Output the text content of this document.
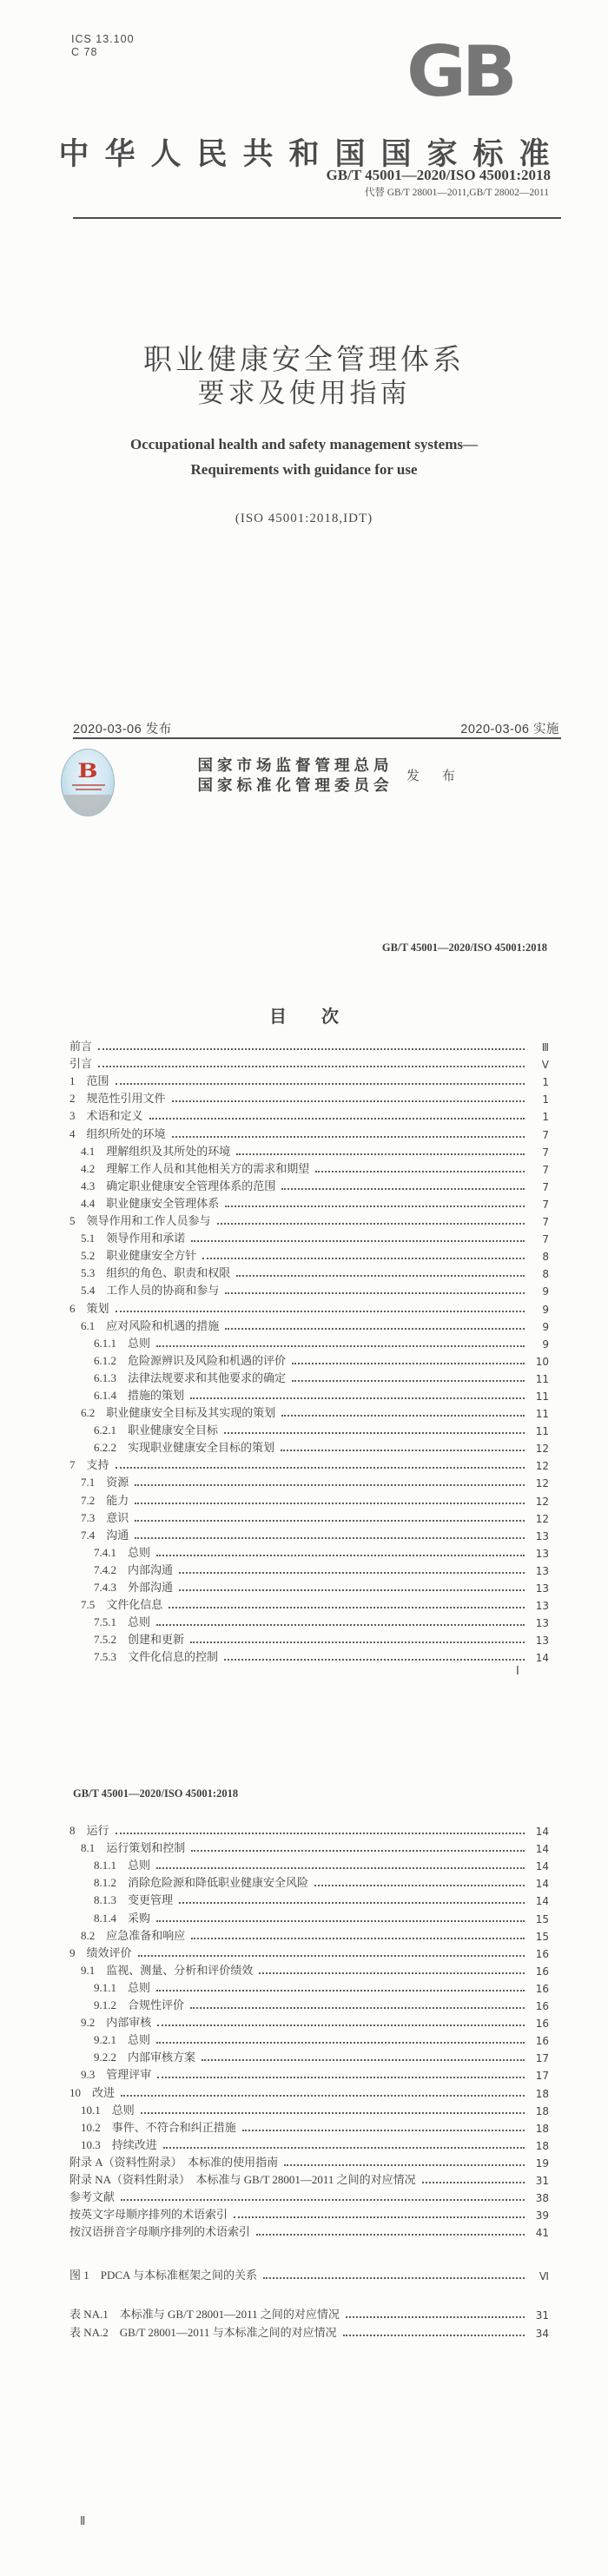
ICS 13.100
C 78	GB
中华人民共和国国家标准
GB/T 45001—2020/ISO 45001:2018
代替 GB/T 28001—2011,GB/T 28002—2011
职业健康安全管理体系
要求及使用指南
Occupational health and safety management systems—
Requirements with guidance for use
(ISO 45001:2018,IDT)
2020-03-06 发布	2020-03-06 实施
B
国家市场监督管理总局
国家标准化管理委员会	发 布
GB/T 45001—2020/ISO 45001:2018
目　　次
前言	Ⅲ
引言	Ⅴ
1　范围	1
2　规范性引用文件	1
3　术语和定义	1
4　组织所处的环境	7
4.1　理解组织及其所处的环境	7
4.2　理解工作人员和其他相关方的需求和期望	7
4.3　确定职业健康安全管理体系的范围	7
4.4　职业健康安全管理体系	7
5　领导作用和工作人员参与	7
5.1　领导作用和承诺	7
5.2　职业健康安全方针	8
5.3　组织的角色、职责和权限	8
5.4　工作人员的协商和参与	9
6　策划	9
6.1　应对风险和机遇的措施	9
6.1.1　总则	9
6.1.2　危险源辨识及风险和机遇的评价	10
6.1.3　法律法规要求和其他要求的确定	11
6.1.4　措施的策划	11
6.2　职业健康安全目标及其实现的策划	11
6.2.1　职业健康安全目标	11
6.2.2　实现职业健康安全目标的策划	12
7　支持	12
7.1　资源	12
7.2　能力	12
7.3　意识	12
7.4　沟通	13
7.4.1　总则	13
7.4.2　内部沟通	13
7.4.3　外部沟通	13
7.5　文件化信息	13
7.5.1　总则	13
7.5.2　创建和更新	13
7.5.3　文件化信息的控制	14
Ⅰ
GB/T 45001—2020/ISO 45001:2018
8　运行	14
8.1　运行策划和控制	14
8.1.1　总则	14
8.1.2　消除危险源和降低职业健康安全风险	14
8.1.3　变更管理	14
8.1.4　采购	15
8.2　应急准备和响应	15
9　绩效评价	16
9.1　监视、测量、分析和评价绩效	16
9.1.1　总则	16
9.1.2　合规性评价	16
9.2　内部审核	16
9.2.1　总则	16
9.2.2　内部审核方案	17
9.3　管理评审	17
10　改进	18
10.1　总则	18
10.2　事件、不符合和纠正措施	18
10.3　持续改进	18
附录 A（资料性附录）　本标准的使用指南	19
附录 NA（资料性附录）　本标准与 GB/T 28001—2011 之间的对应情况	31
参考文献	38
按英文字母顺序排列的术语索引	39
按汉语拼音字母顺序排列的术语索引	41
图 1　PDCA 与本标准框架之间的关系	Ⅵ
表 NA.1　本标准与 GB/T 28001—2011 之间的对应情况	31
表 NA.2　GB/T 28001—2011 与本标准之间的对应情况	34
Ⅱ
